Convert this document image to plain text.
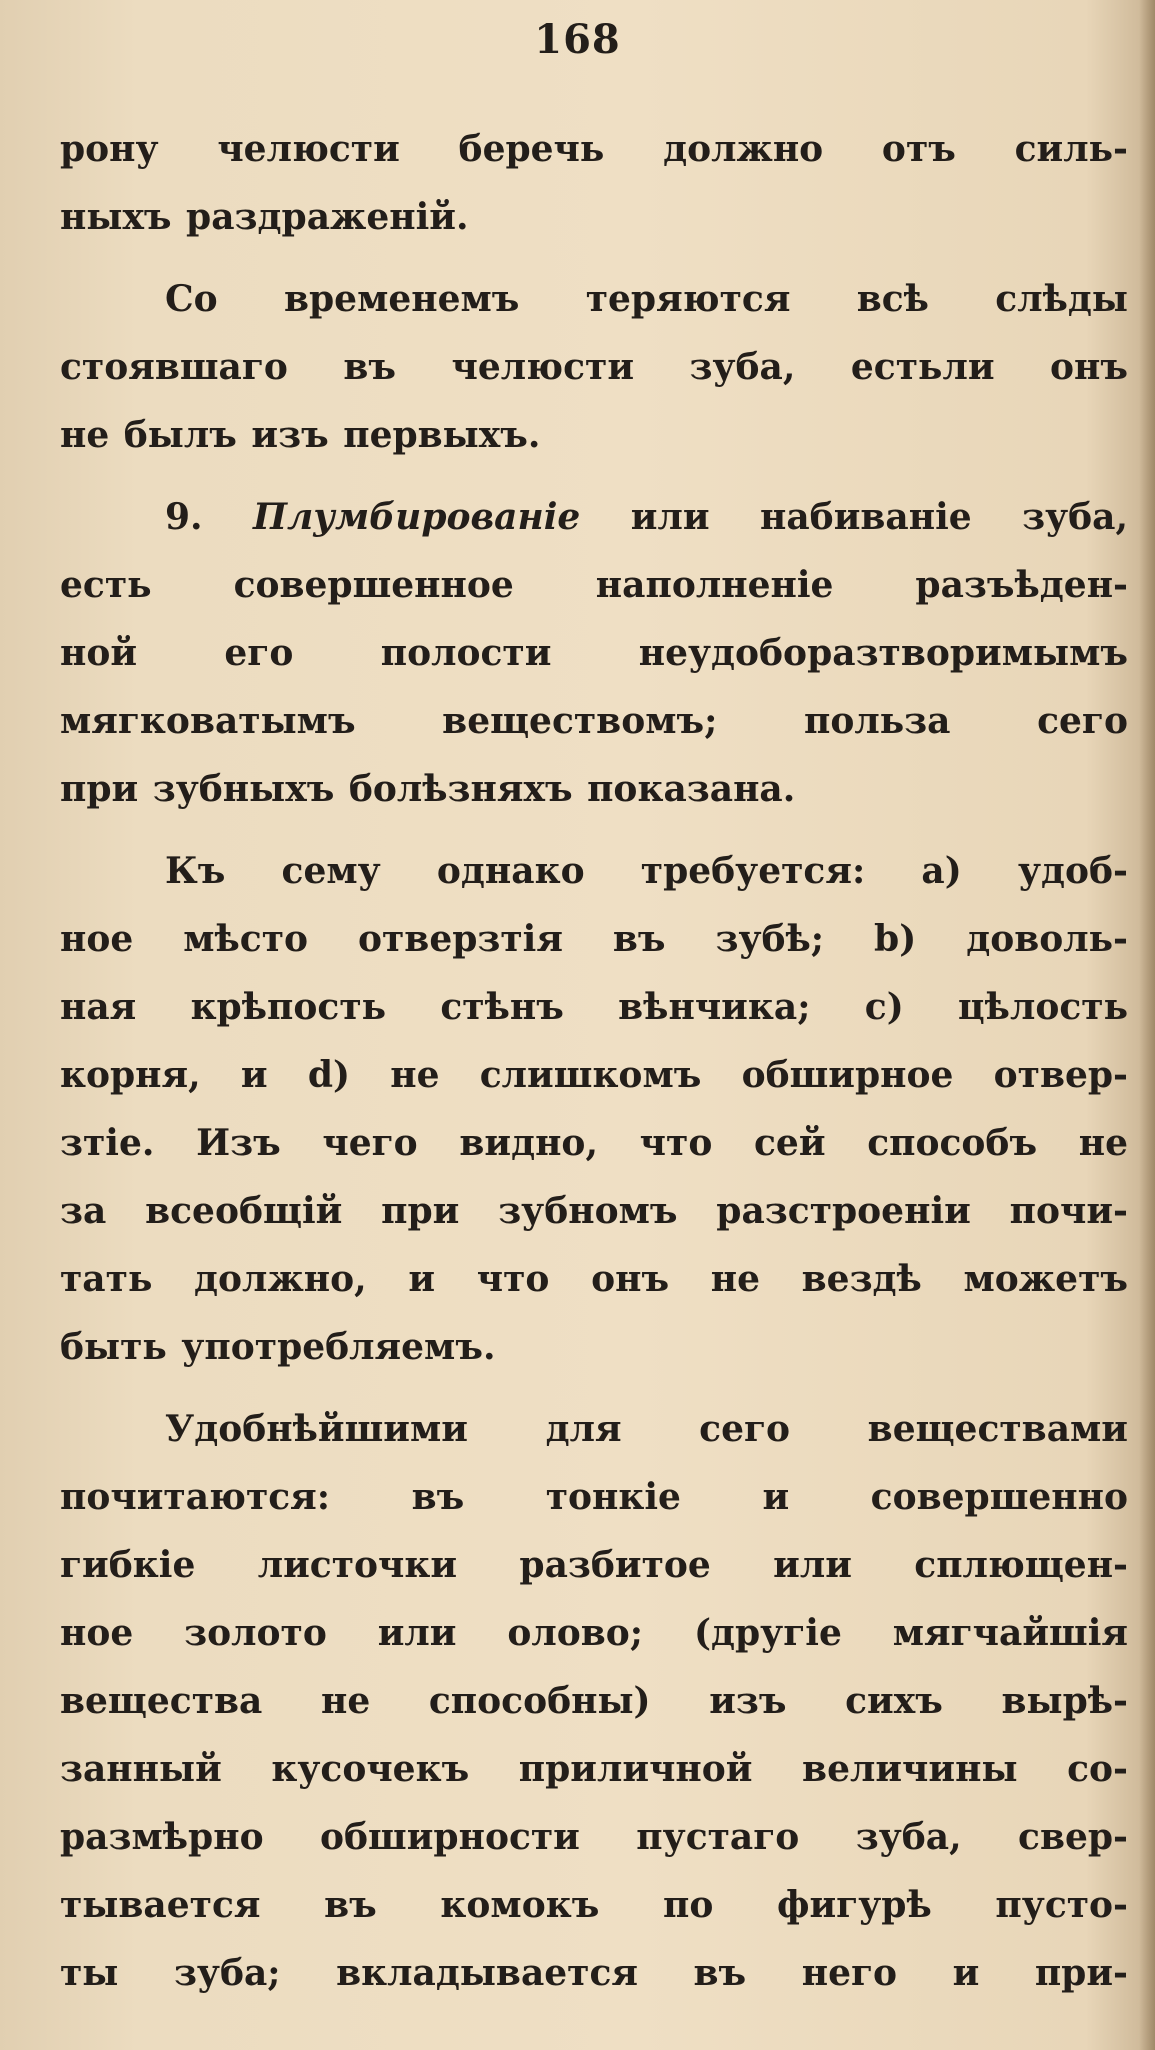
168
рону челюсти беречь должно отъ силь-
ныхъ раздраженій.
Со временемъ теряются всѣ слѣды
стоявшаго въ челюсти зуба, естьли онъ
не былъ изъ первыхъ.
9. Плумбированіе или набиваніе зуба,
есть совершенное наполненіе разъѣден-
ной его полости неудоборазтворимымъ
мягковатымъ веществомъ; польза сего
при зубныхъ болѣзняхъ показана.
Къ сему однако требуется: a) удоб-
ное мѣсто отверзтія въ зубѣ; b) доволь-
ная крѣпость стѣнъ вѣнчика; c) цѣлость
корня, и d) не слишкомъ обширное отвер-
зтіе. Изъ чего видно, что сей способъ не
за всеобщій при зубномъ разстроеніи почи-
тать должно, и что онъ не вездѣ можетъ
быть употребляемъ.
Удобнѣйшими для сего веществами
почитаются: въ тонкіе и совершенно
гибкіе листочки разбитое или сплющен-
ное золото или олово; (другіе мягчайшія
вещества не способны) изъ сихъ вырѣ-
занный кусочекъ приличной величины со-
размѣрно обширности пустаго зуба, свер-
тывается въ комокъ по фигурѣ пусто-
ты зуба; вкладывается въ него и при-
